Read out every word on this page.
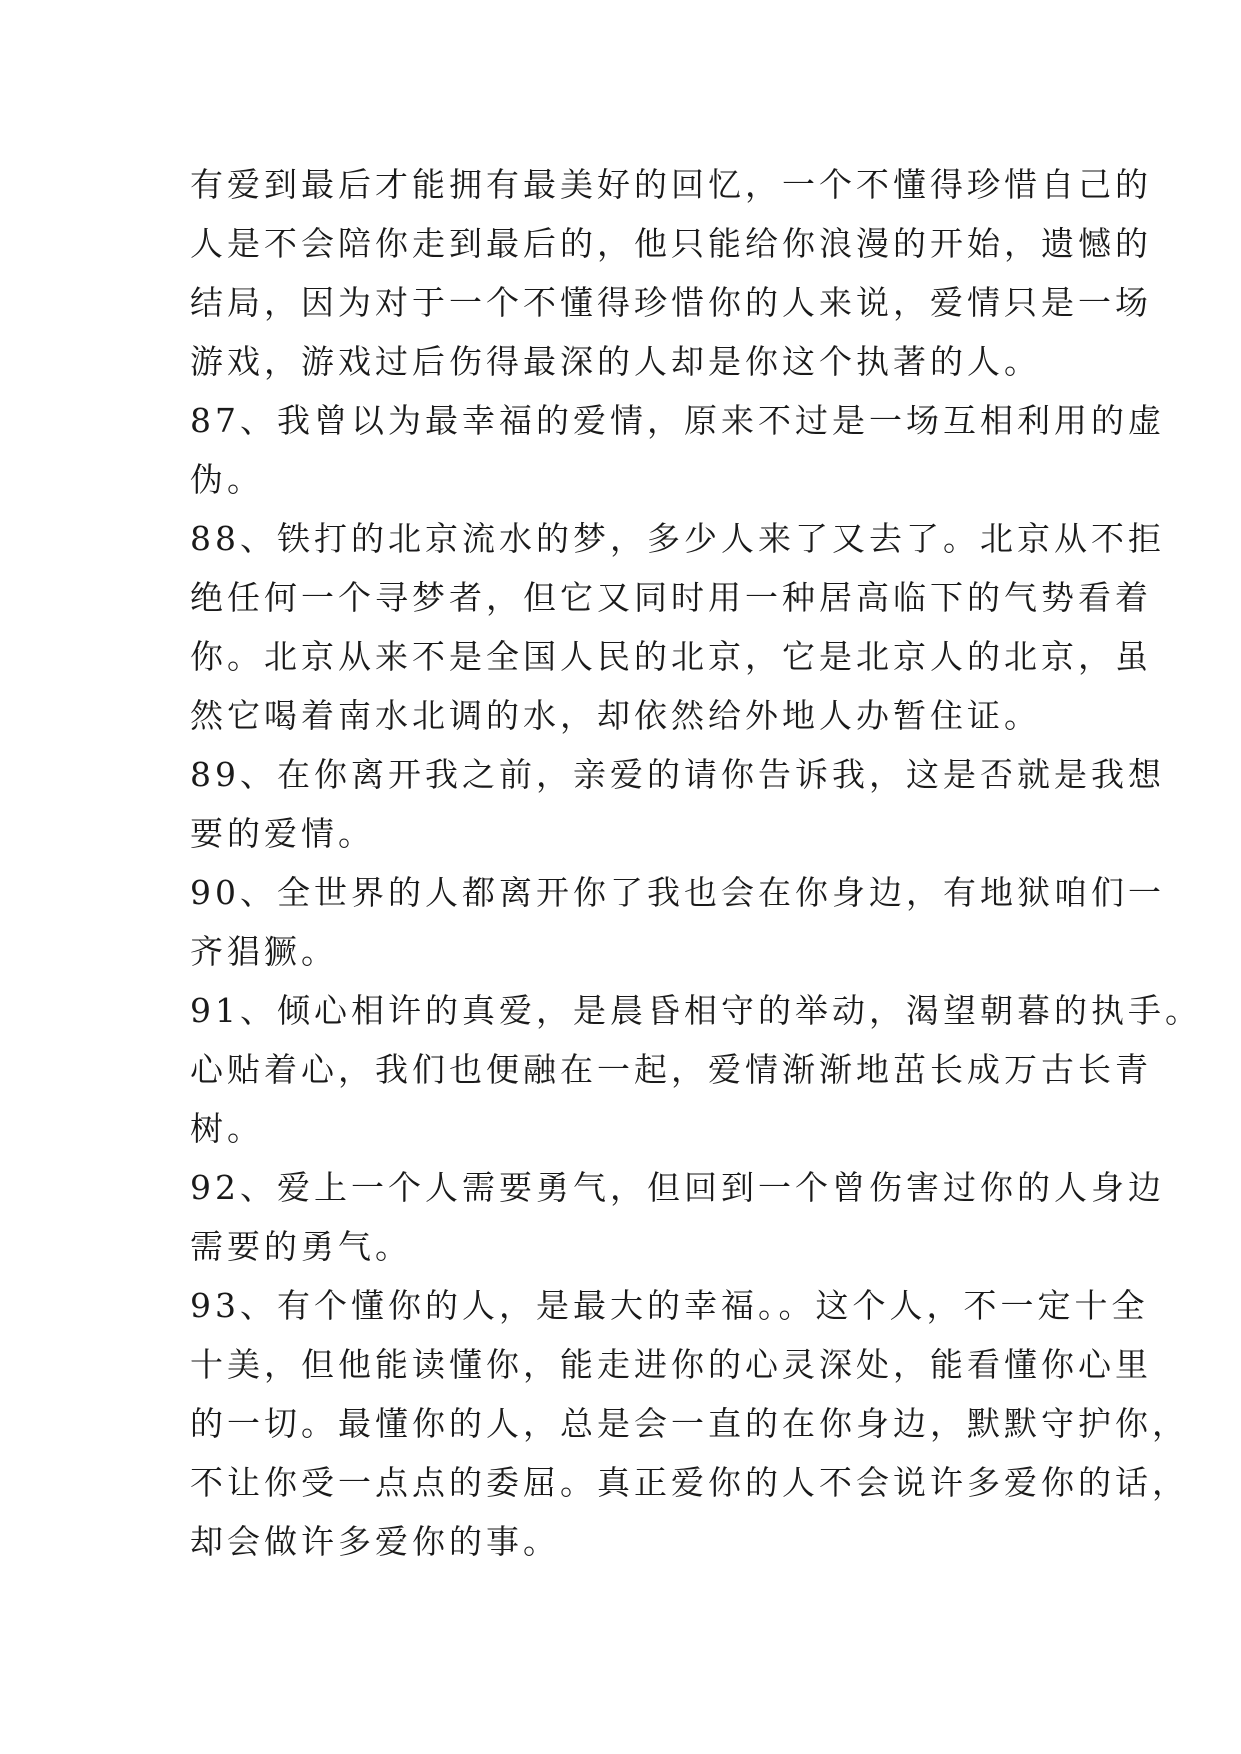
有爱到最后才能拥有最美好的回忆，一个不懂得珍惜自己的
人是不会陪你走到最后的，他只能给你浪漫的开始，遗憾的
结局，因为对于一个不懂得珍惜你的人来说，爱情只是一场
游戏，游戏过后伤得最深的人却是你这个执著的人。
87、我曾以为最幸福的爱情，原来不过是一场互相利用的虚
伪。
88、铁打的北京流水的梦，多少人来了又去了。北京从不拒
绝任何一个寻梦者，但它又同时用一种居高临下的气势看着
你。北京从来不是全国人民的北京，它是北京人的北京，虽
然它喝着南水北调的水，却依然给外地人办暂住证。
89、在你离开我之前，亲爱的请你告诉我，这是否就是我想
要的爱情。
90、全世界的人都离开你了我也会在你身边，有地狱咱们一
齐猖獗。
91、倾心相许的真爱，是晨昏相守的举动，渴望朝暮的执手。
心贴着心，我们也便融在一起，爱情渐渐地茁长成万古长青
树。
92、爱上一个人需要勇气，但回到一个曾伤害过你的人身边
需要的勇气。
93、有个懂你的人，是最大的幸福。。这个人，不一定十全
十美，但他能读懂你，能走进你的心灵深处，能看懂你心里
的一切。最懂你的人，总是会一直的在你身边，默默守护你，
不让你受一点点的委屈。真正爱你的人不会说许多爱你的话，
却会做许多爱你的事。
